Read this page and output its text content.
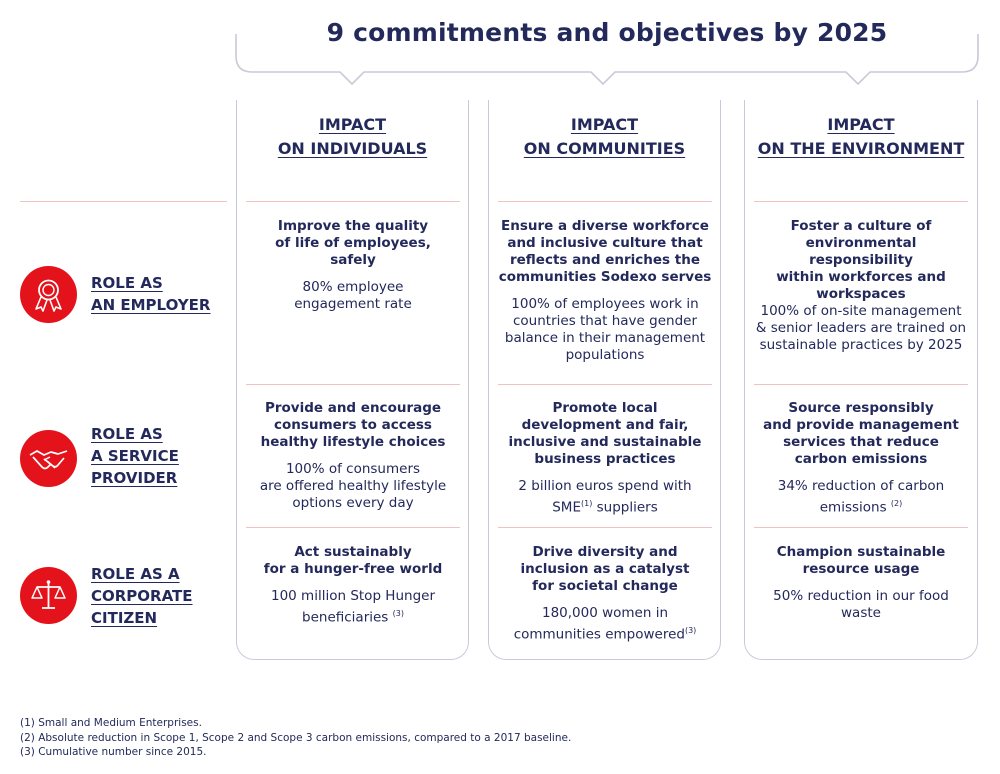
9 commitments and objectives by 2025
IMPACT
ON INDIVIDUALS
IMPACT
ON COMMUNITIES
IMPACT
ON THE ENVIRONMENT
ROLE AS
AN EMPLOYER
ROLE AS
A SERVICE
PROVIDER
ROLE AS A
CORPORATE
CITIZEN
Improve the quality
of life of employees,
safely
80% employee
engagement rate
Ensure a diverse workforce
and inclusive culture that
reflects and enriches the
communities Sodexo serves
100% of employees work in
countries that have gender
balance in their management
populations
Foster a culture of
environmental responsibility
within workforces and
workspaces
100% of on-site management
& senior leaders are trained on
sustainable practices by 2025
Provide and encourage
consumers to access
healthy lifestyle choices
100% of consumers
are offered healthy lifestyle
options every day
Promote local
development and fair,
inclusive and sustainable
business practices
2 billion euros spend with
SME$^{(1)}$ suppliers
Source responsibly
and provide management
services that reduce
carbon emissions
34% reduction of carbon
emissions $^{(2)}$
Act sustainably
for a hunger-free world
100 million Stop Hunger
beneficiaries $^{(3)}$
Drive diversity and
inclusion as a catalyst
for societal change
180,000 women in
communities empowered$^{(3)}$
Champion sustainable
resource usage
50% reduction in our food
waste
(1) Small and Medium Enterprises.
(2) Absolute reduction in Scope 1, Scope 2 and Scope 3 carbon emissions, compared to a 2017 baseline.
(3) Cumulative number since 2015.
